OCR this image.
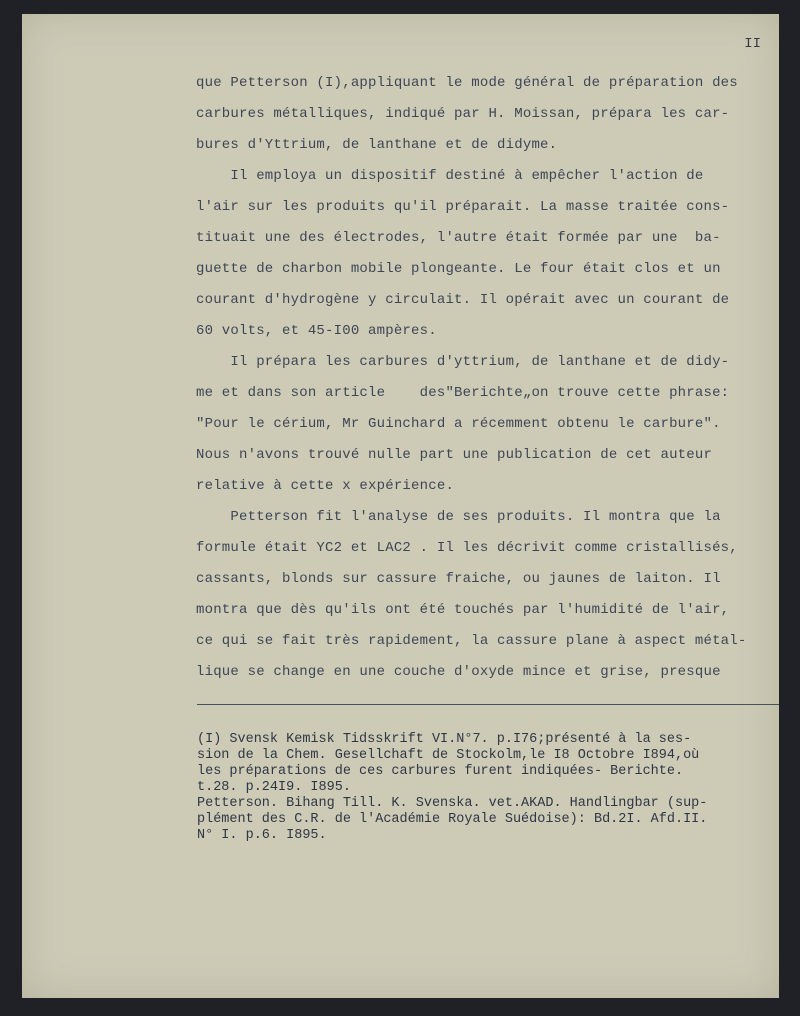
II
que Petterson (I),appliquant le mode général de préparation des
carbures métalliques, indiqué par H. Moissan, prépara les car-
bures d'Yttrium, de lanthane et de didyme.
Il employa un dispositif destiné à empêcher l'action de
l'air sur les produits qu'il préparait. La masse traitée cons-
tituait une des électrodes, l'autre était formée par une  ba-
guette de charbon mobile plongeante. Le four était clos et un
courant d'hydrogène y circulait. Il opérait avec un courant de
60 volts, et 45-I00 ampères.
Il prépara les carbures d'yttrium, de lanthane et de didy-
me et dans son article    des"Berichte„on trouve cette phrase:
"Pour le cérium, Mr Guinchard a récemment obtenu le carbure".
Nous n'avons trouvé nulle part une publication de cet auteur
relative à cette x expérience.
Petterson fit l'analyse de ses produits. Il montra que la
formule était YC2 et LAC2 . Il les décrivit comme cristallisés,
cassants, blonds sur cassure fraiche, ou jaunes de laiton. Il
montra que dès qu'ils ont été touchés par l'humidité de l'air,
ce qui se fait très rapidement, la cassure plane à aspect métal-
lique se change en une couche d'oxyde mince et grise, presque
(I) Svensk Kemisk Tidsskrift VI.N°7. p.I76;présenté à la ses-
sion de la Chem. Gesellchaft de Stockolm,le I8 Octobre I894,où
les préparations de ces carbures furent indiquées- Berichte.
t.28. p.24I9. I895.
Petterson. Bihang Till. K. Svenska. vet.AKAD. Handlingbar (sup-
plément des C.R. de l'Académie Royale Suédoise): Bd.2I. Afd.II.
N° I. p.6. I895.
